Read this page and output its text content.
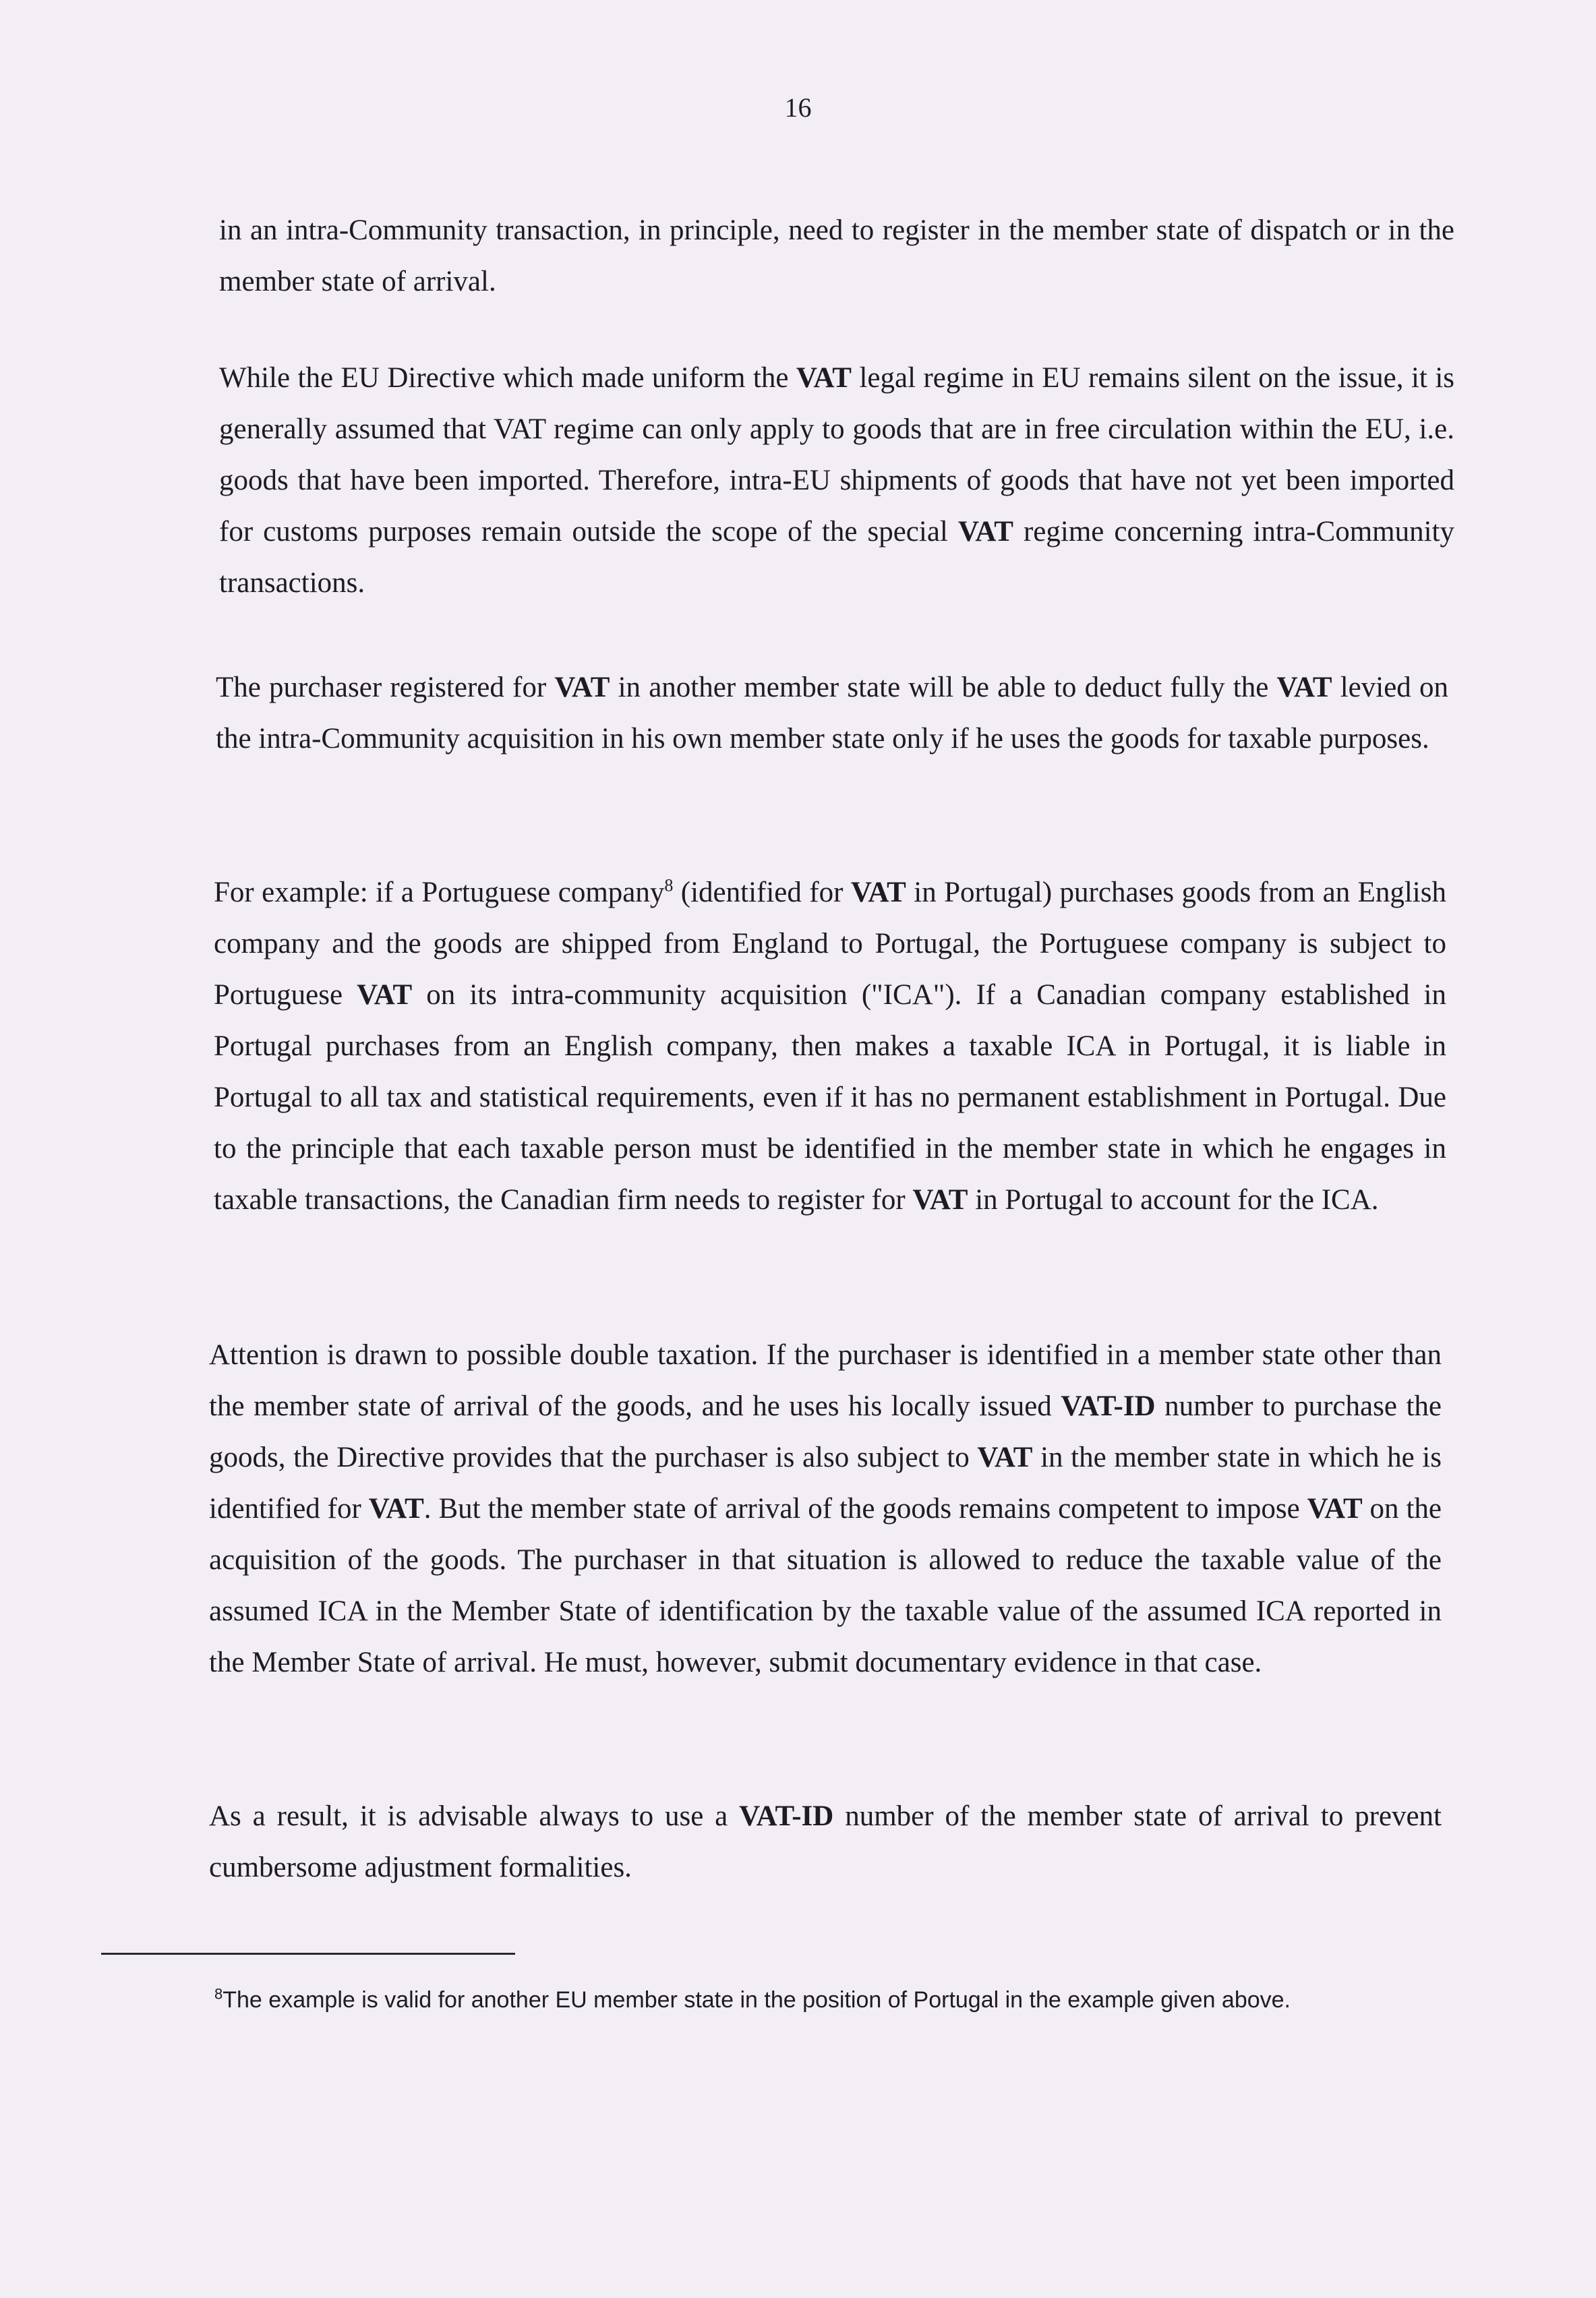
16

in an intra-Community transaction, in principle, need to register in the member state of dispatch or in the member state of arrival.

While the EU Directive which made uniform the VAT legal regime in EU remains silent on the issue, it is generally assumed that VAT regime can only apply to goods that are in free circulation within the EU, i.e. goods that have been imported. Therefore, intra-EU shipments of goods that have not yet been imported for customs purposes remain outside the scope of the special VAT regime concerning intra-Community transactions.

The purchaser registered for VAT in another member state will be able to deduct fully the VAT levied on the intra-Community acquisition in his own member state only if he uses the goods for taxable purposes.

For example: if a Portuguese company$^8$ (identified for VAT in Portugal) purchases goods from an English company and the goods are shipped from England to Portugal, the Portuguese company is subject to Portuguese VAT on its intra-community acquisition ("ICA"). If a Canadian company established in Portugal purchases from an English company, then makes a taxable ICA in Portugal, it is liable in Portugal to all tax and statistical requirements, even if it has no permanent establishment in Portugal. Due to the principle that each taxable person must be identified in the member state in which he engages in taxable transactions, the Canadian firm needs to register for VAT in Portugal to account for the ICA.

Attention is drawn to possible double taxation. If the purchaser is identified in a member state other than the member state of arrival of the goods, and he uses his locally issued VAT-ID number to purchase the goods, the Directive provides that the purchaser is also subject to VAT in the member state in which he is identified for VAT. But the member state of arrival of the goods remains competent to impose VAT on the acquisition of the goods. The purchaser in that situation is allowed to reduce the taxable value of the assumed ICA in the Member State of identification by the taxable value of the assumed ICA reported in the Member State of arrival. He must, however, submit documentary evidence in that case.

As a result, it is advisable always to use a VAT-ID number of the member state of arrival to prevent cumbersome adjustment formalities.

$^8$The example is valid for another EU member state in the position of Portugal in the example given above.
